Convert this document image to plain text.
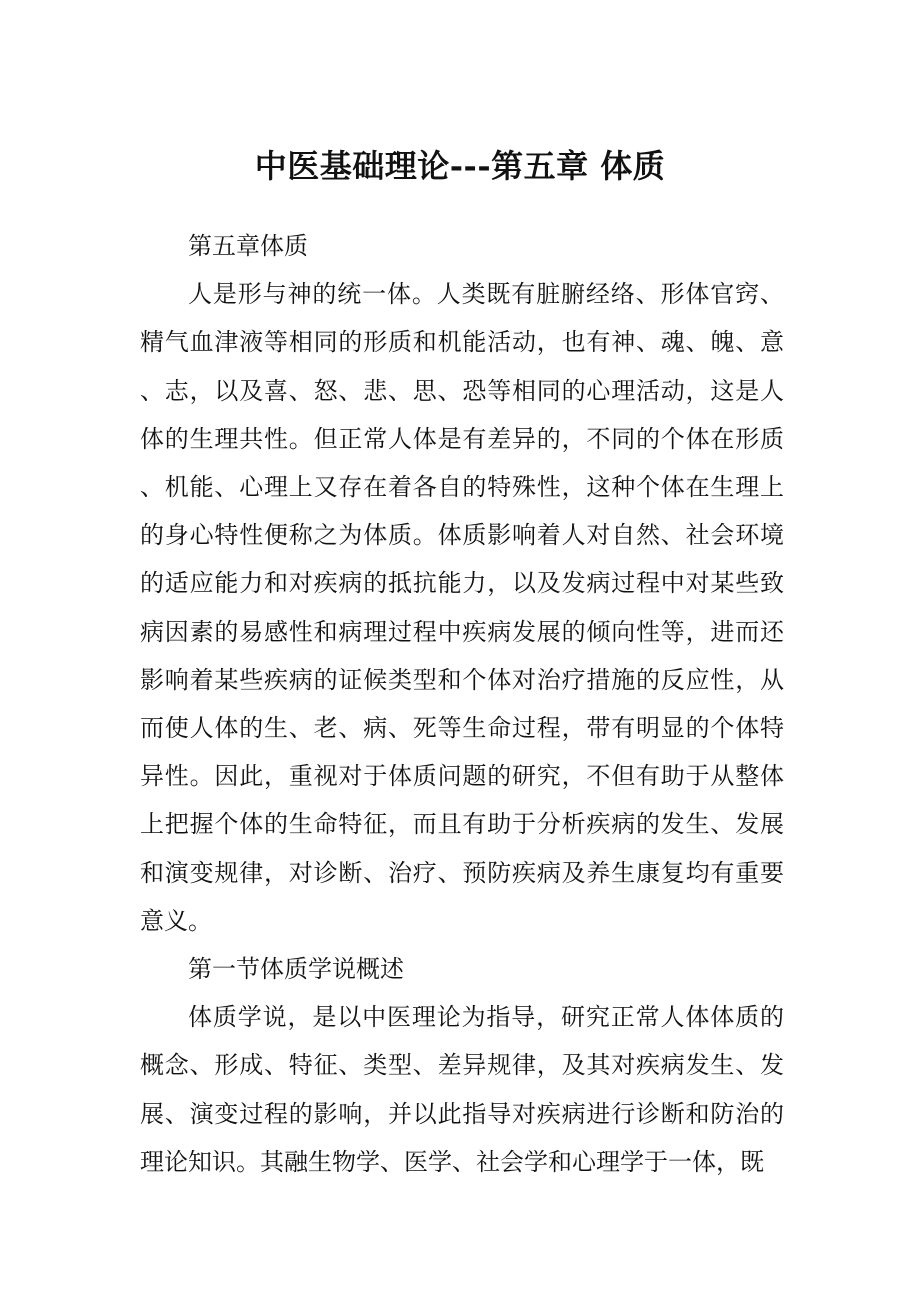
中医基础理论---第五章 体质

第五章体质

人是形与神的统一体。人类既有脏腑经络、形体官窍、精气血津液等相同的形质和机能活动，也有神、魂、魄、意、志，以及喜、怒、悲、思、恐等相同的心理活动，这是人体的生理共性。但正常人体是有差异的，不同的个体在形质、机能、心理上又存在着各自的特殊性，这种个体在生理上的身心特性便称之为体质。体质影响着人对自然、社会环境的适应能力和对疾病的抵抗能力，以及发病过程中对某些致病因素的易感性和病理过程中疾病发展的倾向性等，进而还影响着某些疾病的证候类型和个体对治疗措施的反应性，从而使人体的生、老、病、死等生命过程，带有明显的个体特异性。因此，重视对于体质问题的研究，不但有助于从整体上把握个体的生命特征，而且有助于分析疾病的发生、发展和演变规律，对诊断、治疗、预防疾病及养生康复均有重要意义。

第一节体质学说概述

体质学说，是以中医理论为指导，研究正常人体体质的概念、形成、特征、类型、差异规律，及其对疾病发生、发展、演变过程的影响，并以此指导对疾病进行诊断和防治的理论知识。其融生物学、医学、社会学和心理学于一体，既
